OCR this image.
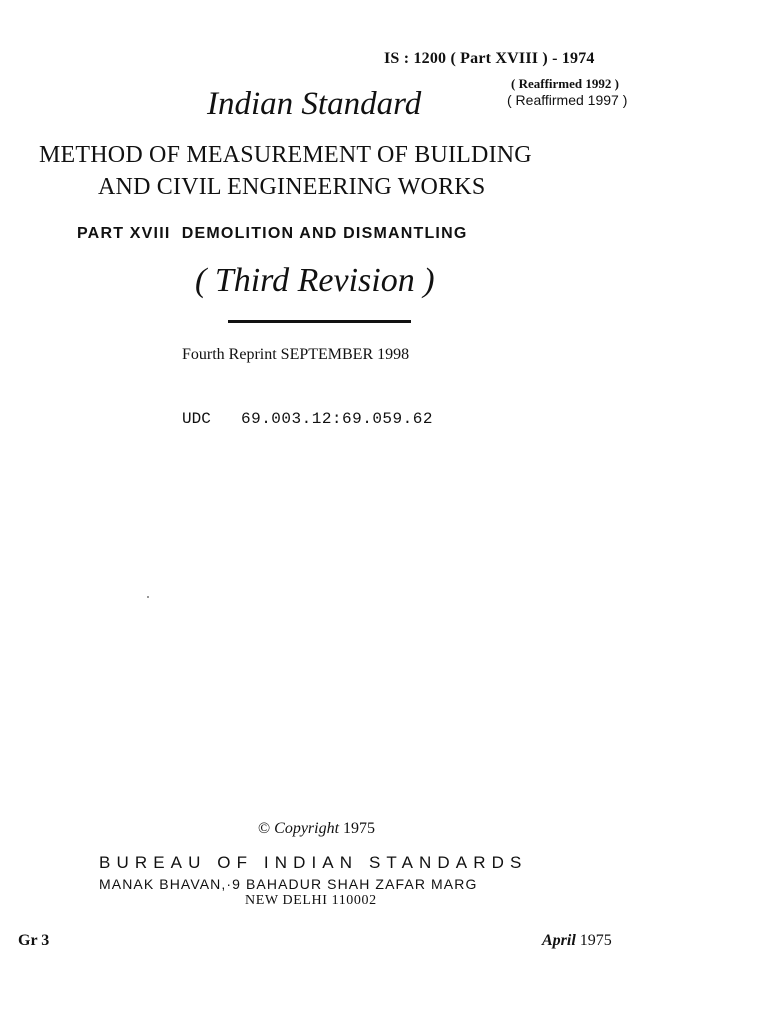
IS : 1200 ( Part XVIII ) - 1974
( Reaffirmed 1992 )
( Reaffirmed 1997 )
Indian Standard
METHOD OF MEASUREMENT OF BUILDING
AND CIVIL ENGINEERING WORKS
PART XVIII  DEMOLITION AND DISMANTLING
( Third Revision )
Fourth Reprint SEPTEMBER 1998
UDC 69.003.12:69.059.62
© Copyright 1975
BUREAU OF INDIAN STANDARDS
MANAK BHAVAN,·9 BAHADUR SHAH ZAFAR MARG
NEW DELHI 110002
Gr 3	April 1975
